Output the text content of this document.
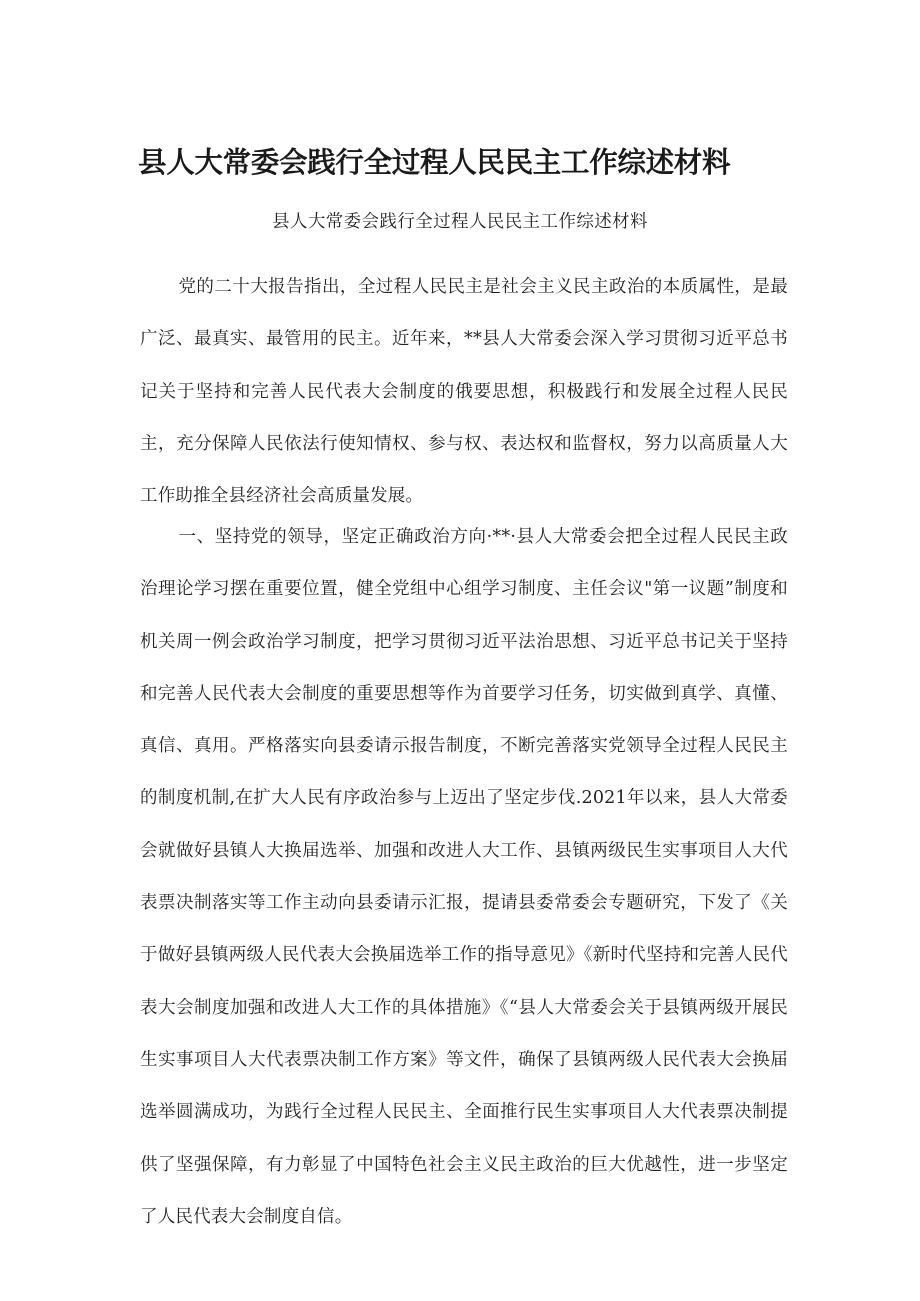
县人大常委会践行全过程人民民主工作综述材料

县人大常委会践行全过程人民民主工作综述材料

党的二十大报告指出，全过程人民民主是社会主义民主政治的本质属性，是最广泛、最真实、最管用的民主。近年来，**县人大常委会深入学习贯彻习近平总书记关于坚持和完善人民代表大会制度的俄要思想，积极践行和发展全过程人民民主，充分保障人民依法行使知情权、参与权、表达权和监督权，努力以高质量人大工作助推全县经济社会高质量发展。

一、坚持党的领导，坚定正确政治方向·**·县人大常委会把全过程人民民主政治理论学习摆在重要位置，健全党组中心组学习制度、主任会议"第一议题”制度和机关周一例会政治学习制度，把学习贯彻习近平法治思想、习近平总书记关于坚持和完善人民代表大会制度的重要思想等作为首要学习任务，切实做到真学、真懂、真信、真用。严格落实向县委请示报告制度，不断完善落实党领导全过程人民民主的制度机制,在扩大人民有序政治参与上迈出了坚定步伐.2021年以来，县人大常委会就做好县镇人大换届选举、加强和改进人大工作、县镇两级民生实事项目人大代表票决制落实等工作主动向县委请示汇报，提请县委常委会专题研究，下发了《关于做好县镇两级人民代表大会换届选举工作的指导意见》《新时代坚持和完善人民代表大会制度加强和改进人大工作的具体措施》《“县人大常委会关于县镇两级开展民生实事项目人大代表票决制工作方案》等文件，确保了县镇两级人民代表大会换届选举圆满成功，为践行全过程人民民主、全面推行民生实事项目人大代表票决制提供了坚强保障，有力彰显了中国特色社会主义民主政治的巨大优越性，进一步坚定了人民代表大会制度自信。
